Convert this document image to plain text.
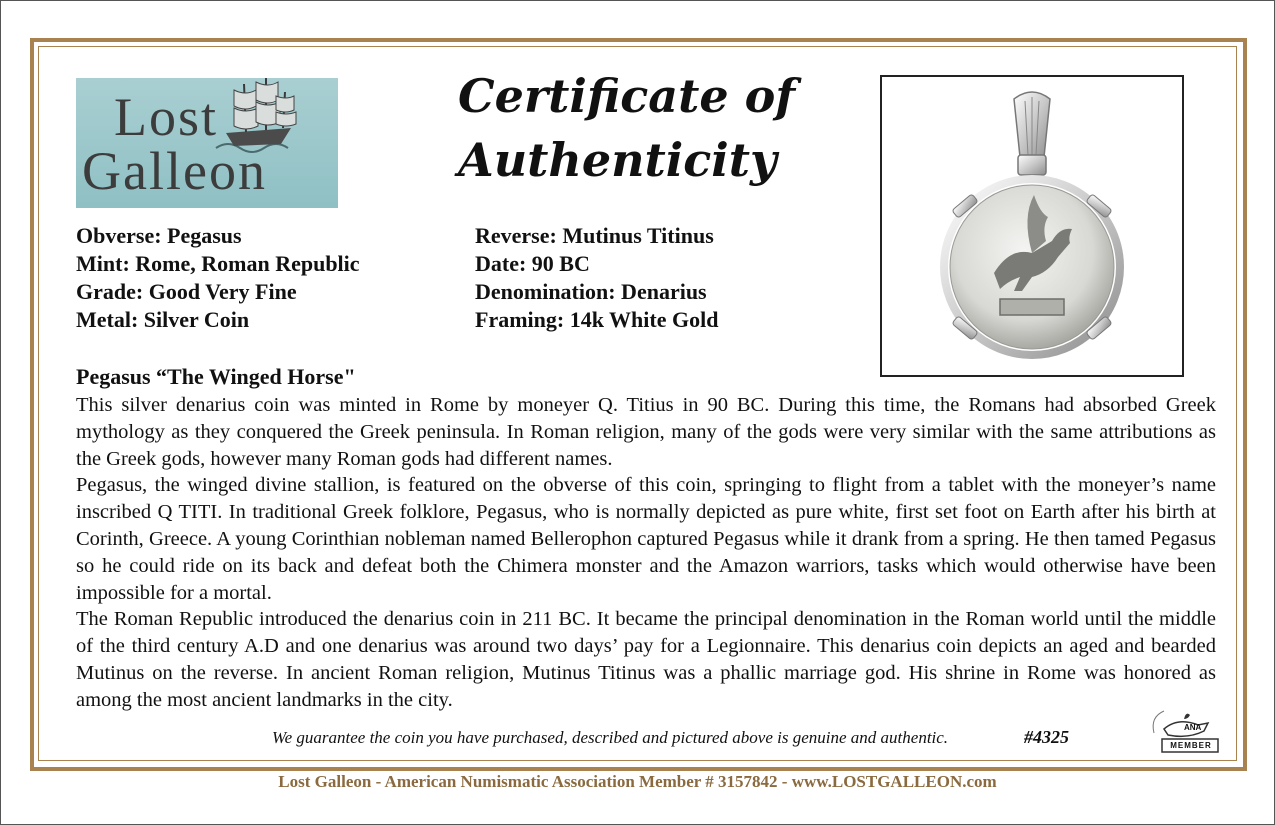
Lost
Galleon
Certificate of
Authenticity
Obverse: Pegasus
Mint: Rome, Roman Republic
Grade: Good Very Fine
Metal: Silver Coin
Reverse: Mutinus Titinus
Date: 90 BC
Denomination: Denarius
Framing: 14k White Gold
Pegasus “The Winged Horse"

This silver denarius coin was minted in Rome by moneyer Q. Titius in 90 BC. During this time, the Romans had absorbed Greek mythology as they conquered the Greek peninsula. In Roman religion, many of the gods were very similar with the same attributions as the Greek gods, however many Roman gods had different names.

Pegasus, the winged divine stallion, is featured on the obverse of this coin, springing to flight from a tablet with the moneyer’s name inscribed Q TITI. In traditional Greek folklore, Pegasus, who is normally depicted as pure white, first set foot on Earth after his birth at Corinth, Greece. A young Corinthian nobleman named Bellerophon captured Pegasus while it drank from a spring. He then tamed Pegasus so he could ride on its back and defeat both the Chimera monster and the Amazon warriors, tasks which would otherwise have been impossible for a mortal.

The Roman Republic introduced the denarius coin in 211 BC. It became the principal denomination in the Roman world until the middle of the third century A.D and one denarius was around two days’ pay for a Legionnaire. This denarius coin depicts an aged and bearded Mutinus on the reverse. In ancient Roman religion, Mutinus Titinus was a phallic marriage god. His shrine in Rome was honored as among the most ancient landmarks in the city.

We guarantee the coin you have purchased, described and pictured above is genuine and authentic.	#4325	ANA
MEMBER
Lost Galleon - American Numismatic Association Member # 3157842 - www.LOSTGALLEON.com
